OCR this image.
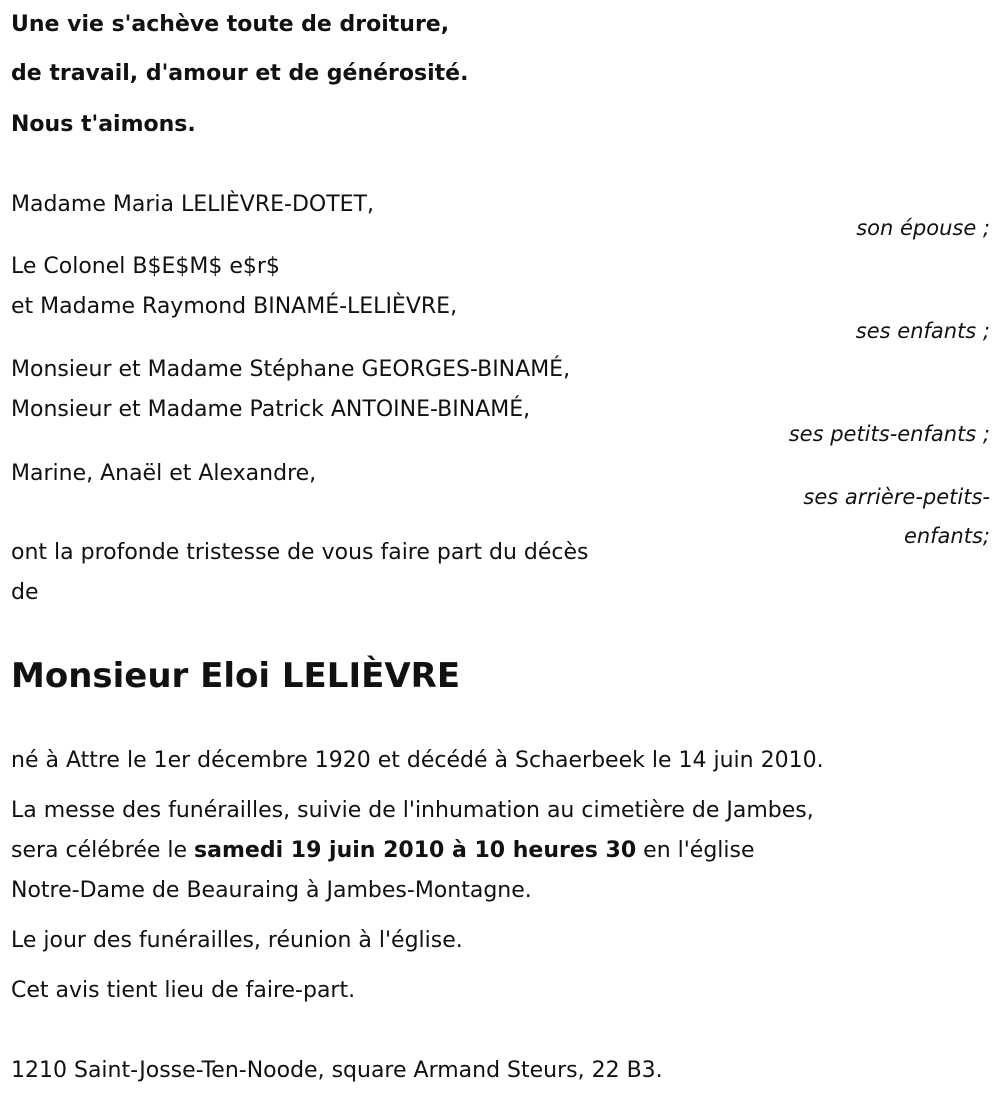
Une vie s'achève toute de droiture,
de travail, d'amour et de générosité.
Nous t'aimons.
Madame Maria LELIÈVRE-DOTET,
son épouse ;
Le Colonel B$E$M$ e$r$
et Madame Raymond BINAMÉ-LELIÈVRE,
ses enfants ;
Monsieur et Madame Stéphane GEORGES-BINAMÉ,
Monsieur et Madame Patrick ANTOINE-BINAMÉ,
ses petits-enfants ;
Marine, Anaël et Alexandre,
ses arrière-petits-
enfants;
ont la profonde tristesse de vous faire part du décès
de
Monsieur Eloi LELIÈVRE
né à Attre le 1er décembre 1920 et décédé à Schaerbeek le 14 juin 2010.
La messe des funérailles, suivie de l'inhumation au cimetière de Jambes,
sera célébrée le samedi 19 juin 2010 à 10 heures 30 en l'église
Notre-Dame de Beauraing à Jambes-Montagne.
Le jour des funérailles, réunion à l'église.
Cet avis tient lieu de faire-part.
1210 Saint-Josse-Ten-Noode, square Armand Steurs, 22 B3.
